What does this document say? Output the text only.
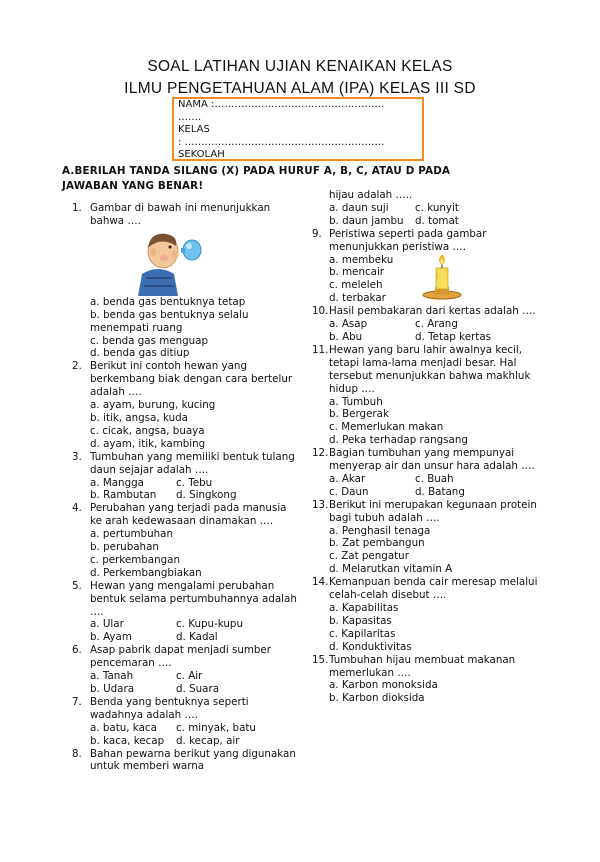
SOAL LATIHAN UJIAN KENAIKAN KELAS
ILMU PENGETAHUAN ALAM (IPA) KELAS III SD
NAMA :……………………………………………
…….
KELAS
: ……………………………………………………
SEKOLAH
A.BERILAH TANDA SILANG (X) PADA HURUF A, B, C, ATAU D PADA JAWABAN YANG BENAR!
1. Gambar di bawah ini menunjukkan bahwa ….
a. benda gas bentuknya tetap
b. benda gas bentuknya selalu menempati ruang
c. benda gas menguap
d. benda gas ditiup
2. Berikut ini contoh hewan yang berkembang biak dengan cara bertelur adalah ….
a. ayam, burung, kucing
b. itik, angsa, kuda
c. cicak, angsa, buaya
d. ayam, itik, kambing
3. Tumbuhan yang memiliki bentuk tulang daun sejajar adalah ….
a. Mangga	c. Tebu
b. Rambutan	d. Singkong
4. Perubahan yang terjadi pada manusia ke arah kedewasaan dinamakan ….
a. pertumbuhan
b. perubahan
c. perkembangan
d. Perkembangbiakan
5. Hewan yang mengalami perubahan bentuk selama pertumbuhannya adalah ….
a. Ular	c. Kupu-kupu
b. Ayam	d. Kadal
6. Asap pabrik dapat menjadi sumber pencemaran ….
a. Tanah	c. Air
b. Udara	d. Suara
7. Benda yang bentuknya seperti wadahnya adalah ….
a. batu, kaca	c. minyak, batu
b. kaca, kecap	d. kecap, air
8. Bahan pewarna berikut yang digunakan untuk memberi warna
hijau adalah …..
a. daun suji	c. kunyit
b. daun jambu	d. tomat
9. Peristiwa seperti pada gambar menunjukkan peristiwa ….
a. membeku
b. mencair
c. meleleh
d. terbakar
10. Hasil pembakaran dari kertas adalah ….
a. Asap	c. Arang
b. Abu	d. Tetap kertas
11. Hewan yang baru lahir awalnya kecil, tetapi lama-lama menjadi besar. Hal tersebut menunjukkan bahwa makhluk hidup ….
a. Tumbuh
b. Bergerak
c. Memerlukan makan
d. Peka terhadap rangsang
12. Bagian tumbuhan yang mempunyai menyerap air dan unsur hara adalah ….
a. Akar	c. Buah
c. Daun	d. Batang
13. Berikut ini merupakan kegunaan protein bagi tubuh adalah ….
a. Penghasil tenaga
b. Zat pembangun
c. Zat pengatur
d. Melarutkan vitamin A
14. Kemanpuan benda cair meresap melalui celah-celah disebut ….
a. Kapabilitas
b. Kapasitas
c. Kapilaritas
d. Konduktivitas
15. Tumbuhan hijau membuat makanan memerlukan ….
a. Karbon monoksida
b. Karbon dioksida
